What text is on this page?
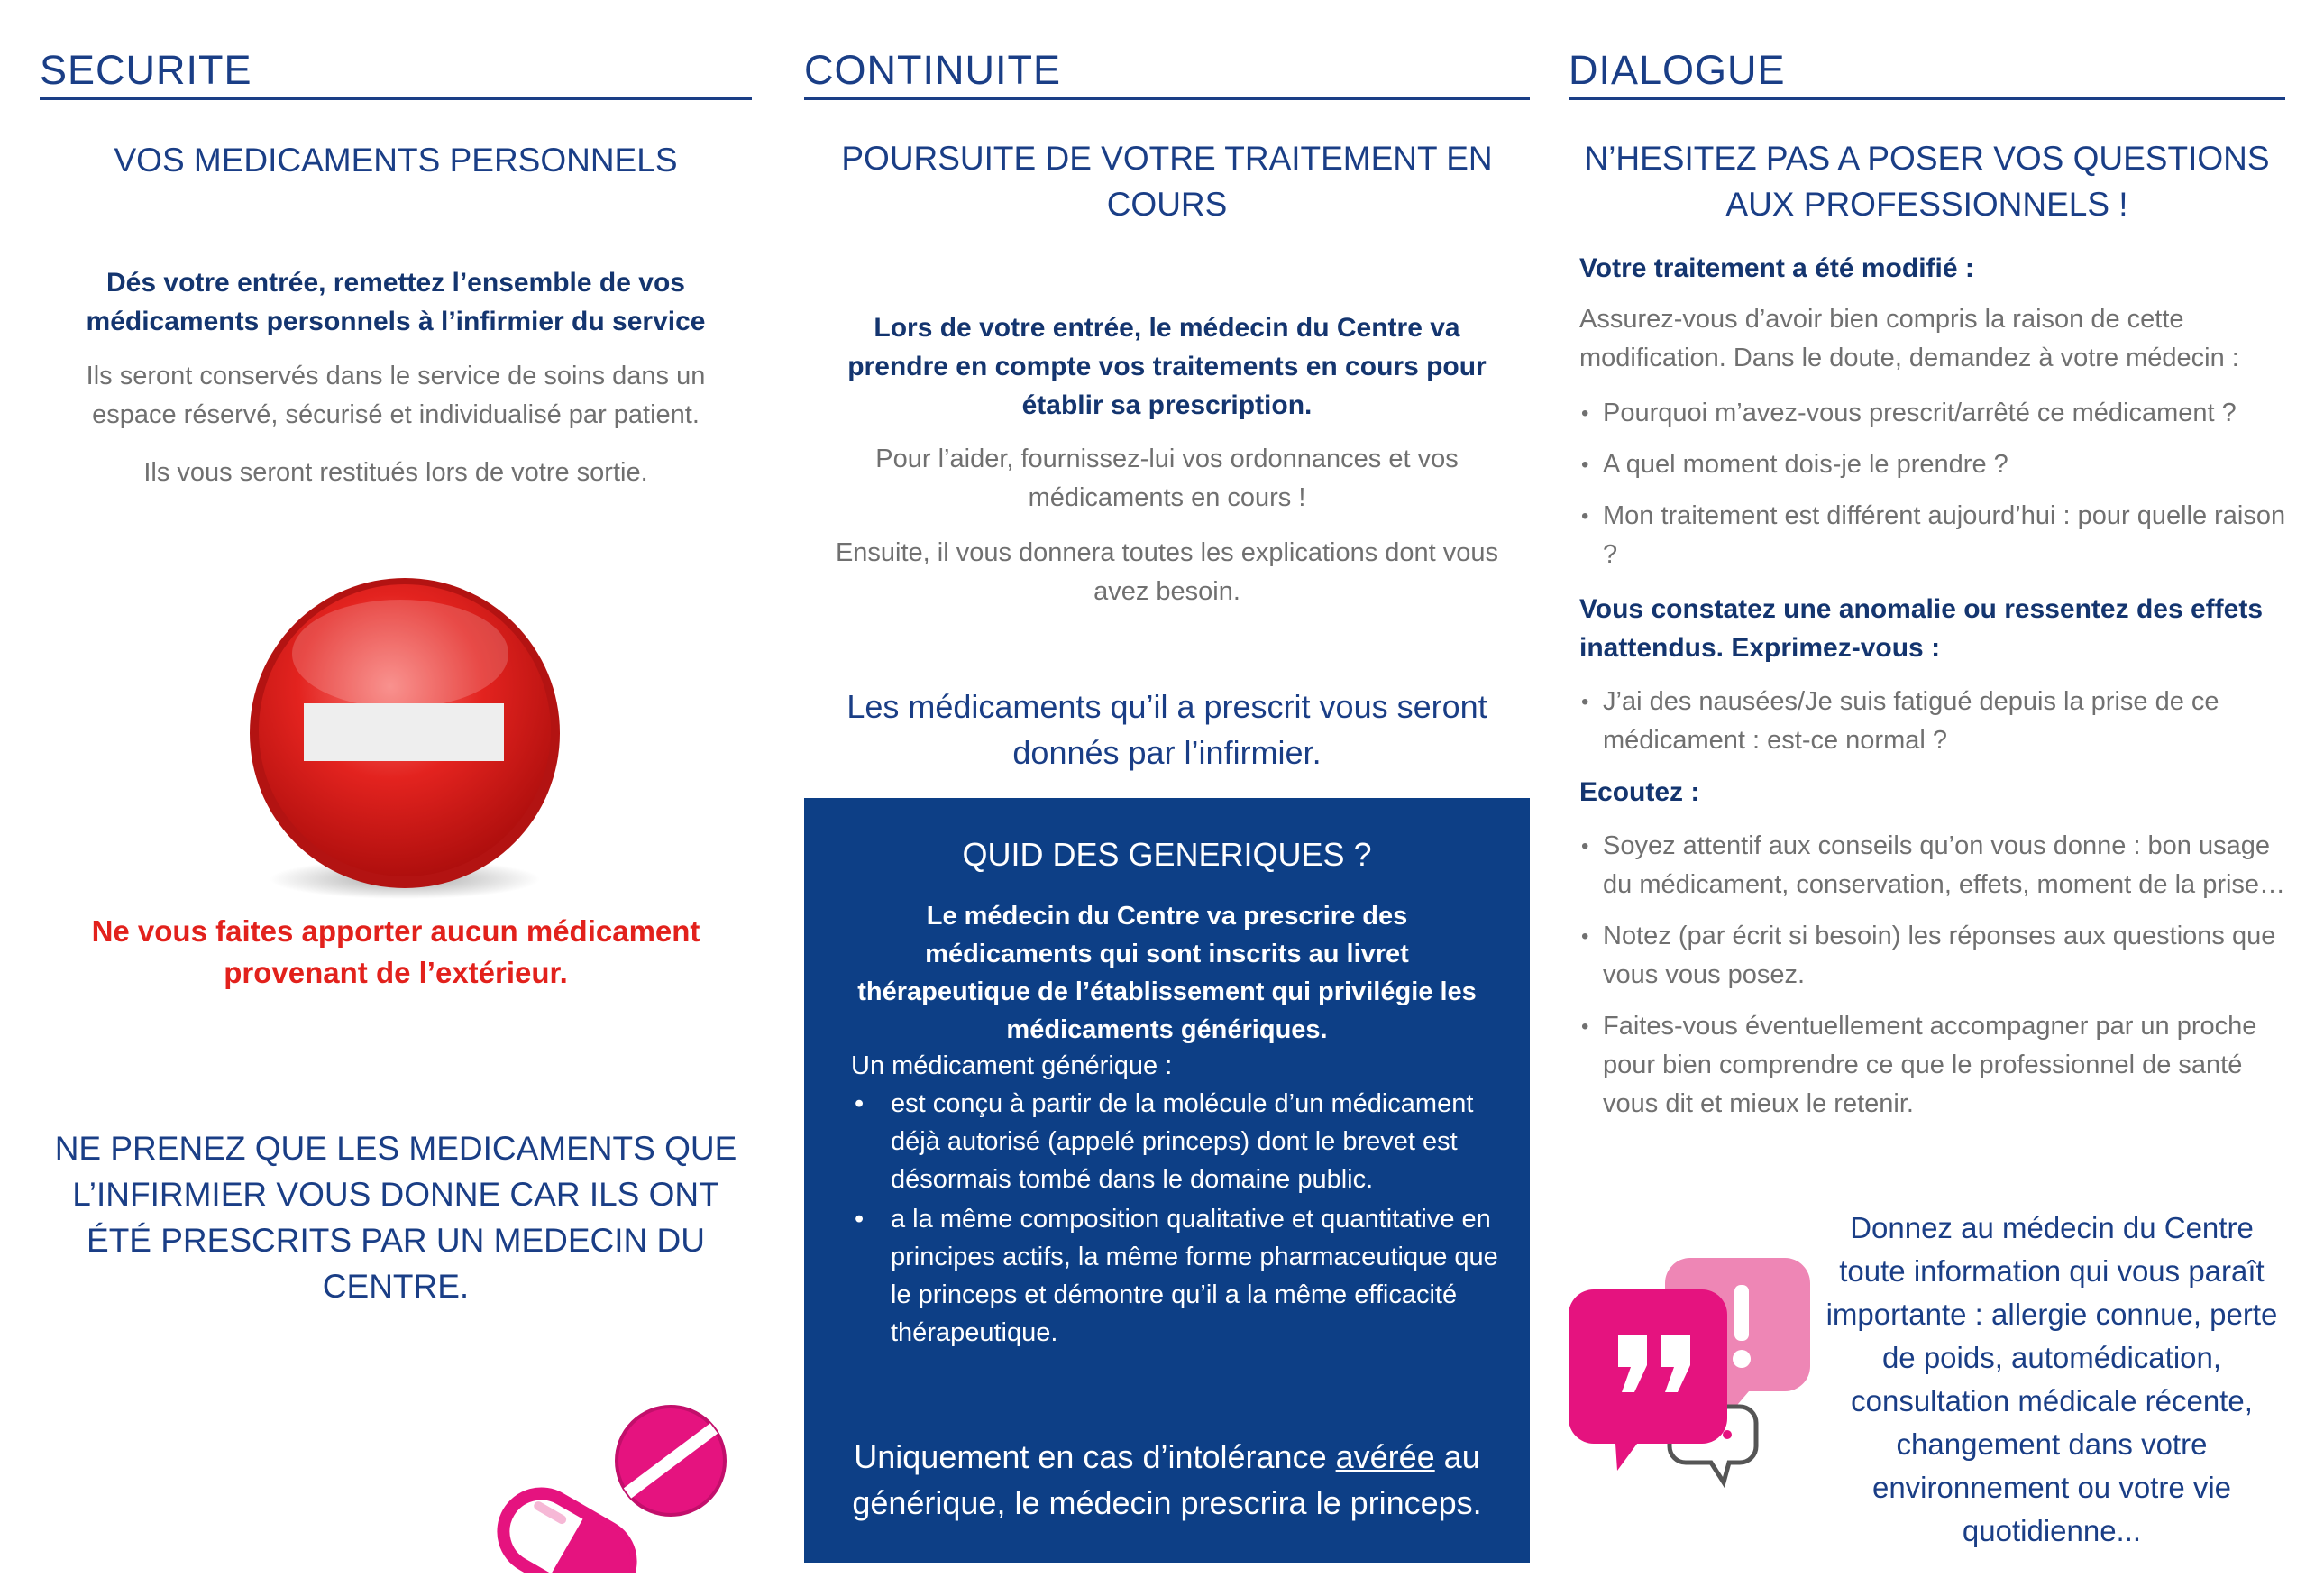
SECURITE
VOS MEDICAMENTS PERSONNELS
Dés votre entrée, remettez l’ensemble de vos médicaments personnels à l’infirmier du service
Ils seront conservés dans le service de soins dans un espace réservé, sécurisé et individualisé par patient.
Ils vous seront restitués lors de votre sortie.
Ne vous faites apporter aucun médicament provenant de l’extérieur.
NE PRENEZ QUE LES MEDICAMENTS QUE L’INFIRMIER VOUS DONNE CAR ILS ONT ÉTÉ PRESCRITS PAR UN MEDECIN DU CENTRE.
CONTINUITE
POURSUITE DE VOTRE TRAITEMENT EN COURS
Lors de votre entrée, le médecin du Centre va prendre en compte vos traitements en cours pour établir sa prescription.
Pour l’aider, fournissez-lui vos ordonnances et vos médicaments en cours !
Ensuite, il vous donnera toutes les explications dont vous avez besoin.
Les médicaments qu’il a prescrit vous seront donnés par l’infirmier.
QUID DES GENERIQUES ?
Le médecin du Centre va prescrire des médicaments qui sont inscrits au livret thérapeutique de l’établissement qui privilégie les médicaments génériques.
Un médicament générique :
• est conçu à partir de la molécule d’un médicament déjà autorisé (appelé princeps) dont le brevet est désormais tombé dans le domaine public.
• a la même composition qualitative et quantitative en principes actifs, la même forme pharmaceutique que le princeps et démontre qu’il a la même efficacité thérapeutique.
Uniquement en cas d’intolérance avérée au générique, le médecin prescrira le princeps.
DIALOGUE
N’HESITEZ PAS A POSER VOS QUESTIONS AUX PROFESSIONNELS !
Votre traitement a été modifié :
Assurez-vous d’avoir bien compris la raison de cette modification. Dans le doute, demandez à votre médecin :
• Pourquoi m’avez-vous prescrit/arrêté ce médicament ?
• A quel moment dois-je le prendre ?
• Mon traitement est différent aujourd’hui : pour quelle raison ?
Vous constatez une anomalie ou ressentez des effets inattendus. Exprimez-vous :
• J’ai des nausées/Je suis fatigué depuis la prise de ce médicament : est-ce normal ?
Ecoutez :
• Soyez attentif aux conseils qu’on vous donne : bon usage du médicament, conservation, effets, moment de la prise…
• Notez (par écrit si besoin) les réponses aux questions que vous vous posez.
• Faites-vous éventuellement accompagner par un proche pour bien comprendre ce que le professionnel de santé vous dit et mieux le retenir.
Donnez au médecin du Centre toute information qui vous paraît importante : allergie connue, perte de poids, automédication, consultation médicale récente, changement dans votre environnement ou votre vie quotidienne...
